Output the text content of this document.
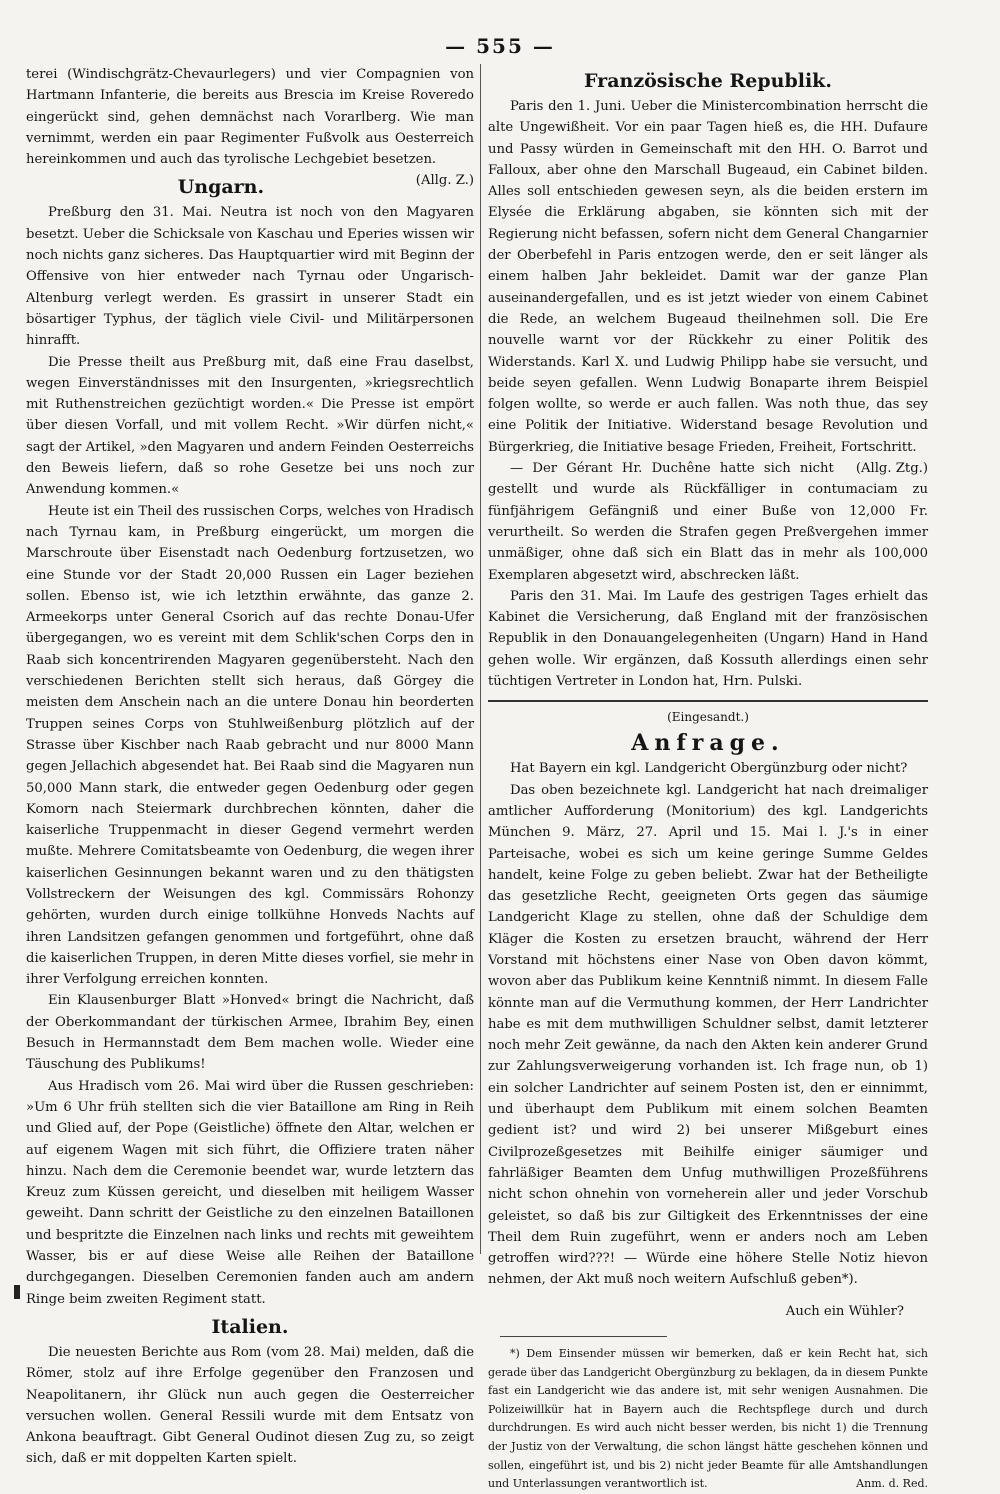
— 555 —

terei (Windischgrätz-Chevaurlegers) und vier Compagnien von Hartmann Infanterie, die bereits aus Brescia im Kreise Roveredo eingerückt sind, gehen demnächst nach Vorarlberg. Wie man vernimmt, werden ein paar Regimenter Fußvolk aus Oesterreich hereinkommen und auch das tyrolische Lechgebiet besetzen.
(Allg. Z.)

Ungarn.

Preßburg den 31. Mai. Neutra ist noch von den Magyaren besetzt. Ueber die Schicksale von Kaschau und Eperies wissen wir noch nichts ganz sicheres. Das Hauptquartier wird mit Beginn der Offensive von hier entweder nach Tyrnau oder Ungarisch-Altenburg verlegt werden. Es grassirt in unserer Stadt ein bösartiger Typhus, der täglich viele Civil- und Militärpersonen hinrafft.

Die Presse theilt aus Preßburg mit, daß eine Frau daselbst, wegen Einverständnisses mit den Insurgenten, »kriegsrechtlich mit Ruthenstreichen gezüchtigt worden.« Die Presse ist empört über diesen Vorfall, und mit vollem Recht. »Wir dürfen nicht,« sagt der Artikel, »den Magyaren und andern Feinden Oesterreichs den Beweis liefern, daß so rohe Gesetze bei uns noch zur Anwendung kommen.«

Heute ist ein Theil des russischen Corps, welches von Hradisch nach Tyrnau kam, in Preßburg eingerückt, um morgen die Marschroute über Eisenstadt nach Oedenburg fortzusetzen, wo eine Stunde vor der Stadt 20,000 Russen ein Lager beziehen sollen. Ebenso ist, wie ich letzthin erwähnte, das ganze 2. Armeekorps unter General Csorich auf das rechte Donau-Ufer übergegangen, wo es vereint mit dem Schlik'schen Corps den in Raab sich koncentrirenden Magyaren gegenübersteht. Nach den verschiedenen Berichten stellt sich heraus, daß Görgey die meisten dem Anschein nach an die untere Donau hin beorderten Truppen seines Corps von Stuhlweißenburg plötzlich auf der Strasse über Kischber nach Raab gebracht und nur 8000 Mann gegen Jellachich abgesendet hat. Bei Raab sind die Magyaren nun 50,000 Mann stark, die entweder gegen Oedenburg oder gegen Komorn nach Steiermark durchbrechen könnten, daher die kaiserliche Truppenmacht in dieser Gegend vermehrt werden mußte. Mehrere Comitatsbeamte von Oedenburg, die wegen ihrer kaiserlichen Gesinnungen bekannt waren und zu den thätigsten Vollstreckern der Weisungen des kgl. Commissärs Rohonzy gehörten, wurden durch einige tollkühne Honveds Nachts auf ihren Landsitzen gefangen genommen und fortgeführt, ohne daß die kaiserlichen Truppen, in deren Mitte dieses vorfiel, sie mehr in ihrer Verfolgung erreichen konnten.

Ein Klausenburger Blatt »Honved« bringt die Nachricht, daß der Oberkommandant der türkischen Armee, Ibrahim Bey, einen Besuch in Hermannstadt dem Bem machen wolle. Wieder eine Täuschung des Publikums!

Aus Hradisch vom 26. Mai wird über die Russen geschrieben: »Um 6 Uhr früh stellten sich die vier Bataillone am Ring in Reih und Glied auf, der Pope (Geistliche) öffnete den Altar, welchen er auf eigenem Wagen mit sich führt, die Offiziere traten näher hinzu. Nach dem die Ceremonie beendet war, wurde letztern das Kreuz zum Küssen gereicht, und dieselben mit heiligem Wasser geweiht. Dann schritt der Geistliche zu den einzelnen Bataillonen und bespritzte die Einzelnen nach links und rechts mit geweihtem Wasser, bis er auf diese Weise alle Reihen der Bataillone durchgegangen. Dieselben Ceremonien fanden auch am andern Ringe beim zweiten Regiment statt.

Italien.

Die neuesten Berichte aus Rom (vom 28. Mai) melden, daß die Römer, stolz auf ihre Erfolge gegenüber den Franzosen und Neapolitanern, ihr Glück nun auch gegen die Oesterreicher versuchen wollen. General Ressili wurde mit dem Entsatz von Ankona beauftragt. Gibt General Oudinot diesen Zug zu, so zeigt sich, daß er mit doppelten Karten spielt.

Französische Republik.

Paris den 1. Juni. Ueber die Ministercombination herrscht die alte Ungewißheit. Vor ein paar Tagen hieß es, die HH. Dufaure und Passy würden in Gemeinschaft mit den HH. O. Barrot und Falloux, aber ohne den Marschall Bugeaud, ein Cabinet bilden. Alles soll entschieden gewesen seyn, als die beiden erstern im Elysée die Erklärung abgaben, sie könnten sich mit der Regierung nicht befassen, sofern nicht dem General Changarnier der Oberbefehl in Paris entzogen werde, den er seit länger als einem halben Jahr bekleidet. Damit war der ganze Plan auseinandergefallen, und es ist jetzt wieder von einem Cabinet die Rede, an welchem Bugeaud theilnehmen soll. Die Ere nouvelle warnt vor der Rückkehr zu einer Politik des Widerstands. Karl X. und Ludwig Philipp habe sie versucht, und beide seyen gefallen. Wenn Ludwig Bonaparte ihrem Beispiel folgen wollte, so werde er auch fallen. Was noth thue, das sey eine Politik der Initiative. Widerstand besage Revolution und Bürgerkrieg, die Initiative besage Frieden, Freiheit, Fortschritt.
(Allg. Ztg.)

— Der Gérant Hr. Duchêne hatte sich nicht gestellt und wurde als Rückfälliger in contumaciam zu fünfjährigem Gefängniß und einer Buße von 12,000 Fr. verurtheilt. So werden die Strafen gegen Preßvergehen immer unmäßiger, ohne daß sich ein Blatt das in mehr als 100,000 Exemplaren abgesetzt wird, abschrecken läßt.

Paris den 31. Mai. Im Laufe des gestrigen Tages erhielt das Kabinet die Versicherung, daß England mit der französischen Republik in den Donauangelegenheiten (Ungarn) Hand in Hand gehen wolle. Wir ergänzen, daß Kossuth allerdings einen sehr tüchtigen Vertreter in London hat, Hrn. Pulski.

(Eingesandt.)
Anfrage.

Hat Bayern ein kgl. Landgericht Obergünzburg oder nicht?

Das oben bezeichnete kgl. Landgericht hat nach dreimaliger amtlicher Aufforderung (Monitorium) des kgl. Landgerichts München 9. März, 27. April und 15. Mai l. J.'s in einer Parteisache, wobei es sich um keine geringe Summe Geldes handelt, keine Folge zu geben beliebt. Zwar hat der Betheiligte das gesetzliche Recht, geeigneten Orts gegen das säumige Landgericht Klage zu stellen, ohne daß der Schuldige dem Kläger die Kosten zu ersetzen braucht, während der Herr Vorstand mit höchstens einer Nase von Oben davon kömmt, wovon aber das Publikum keine Kenntniß nimmt. In diesem Falle könnte man auf die Vermuthung kommen, der Herr Landrichter habe es mit dem muthwilligen Schuldner selbst, damit letzterer noch mehr Zeit gewänne, da nach den Akten kein anderer Grund zur Zahlungsverweigerung vorhanden ist. Ich frage nun, ob 1) ein solcher Landrichter auf seinem Posten ist, den er einnimmt, und überhaupt dem Publikum mit einem solchen Beamten gedient ist? und wird 2) bei unserer Mißgeburt eines Civilprozeßgesetzes mit Beihilfe einiger säumiger und fahrläßiger Beamten dem Unfug muthwilligen Prozeßführens nicht schon ohnehin von vorneherein aller und jeder Vorschub geleistet, so daß bis zur Giltigkeit des Erkenntnisses der eine Theil dem Ruin zugeführt, wenn er anders noch am Leben getroffen wird???! — Würde eine höhere Stelle Notiz hievon nehmen, der Akt muß noch weitern Aufschluß geben*).

Auch ein Wühler?

*) Dem Einsender müssen wir bemerken, daß er kein Recht hat, sich gerade über das Landgericht Obergünzburg zu beklagen, da in diesem Punkte fast ein Landgericht wie das andere ist, mit sehr wenigen Ausnahmen. Die Polizeiwillkür hat in Bayern auch die Rechtspflege durch und durch durchdrungen. Es wird auch nicht besser werden, bis nicht 1) die Trennung der Justiz von der Verwaltung, die schon längst hätte geschehen können und sollen, eingeführt ist, und bis 2) nicht jeder Beamte für alle Amtshandlungen und Unterlassungen verantwortlich ist.	Anm. d. Red.
